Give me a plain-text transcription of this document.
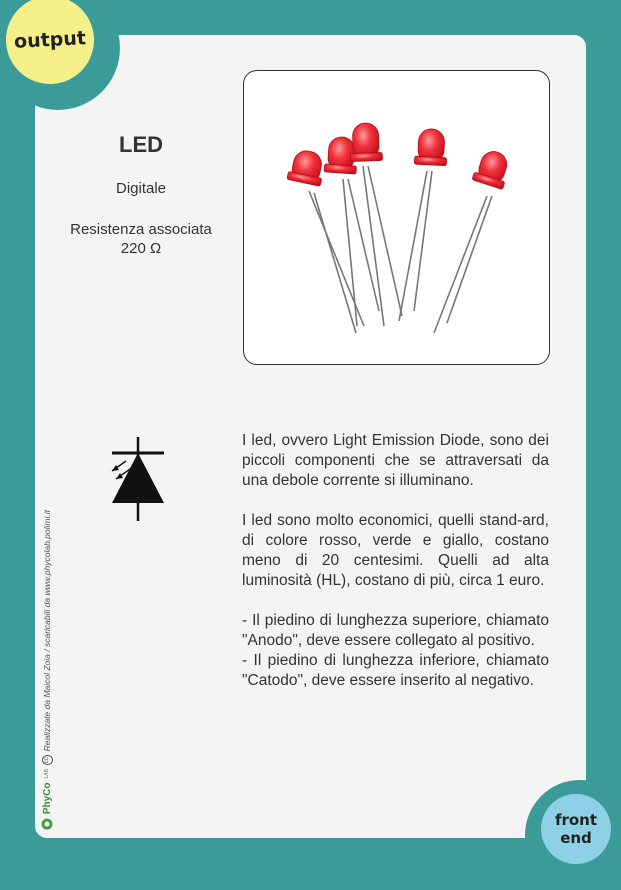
output
front
end
LED
Digitale
Resistenza associata
220 Ω

I led, ovvero Light Emission Diode, sono dei piccoli componenti che se attraversati da una debole corrente si illuminano.

I led sono molto economici, quelli stand-ard, di colore rosso, verde e giallo, costano meno di 20 centesimi. Quelli ad alta luminosità (HL), costano di più, circa 1 euro.

- Il piedino di lunghezza superiore, chiamato "Anodo", deve essere collegato al positivo.

- Il piedino di lunghezza inferiore, chiamato "Catodo", deve essere inserito al negativo.

PhyCo
LAB
cc
Realizzate da Maicol Zoia / scaricabili da www.phycolab.polimi.it
